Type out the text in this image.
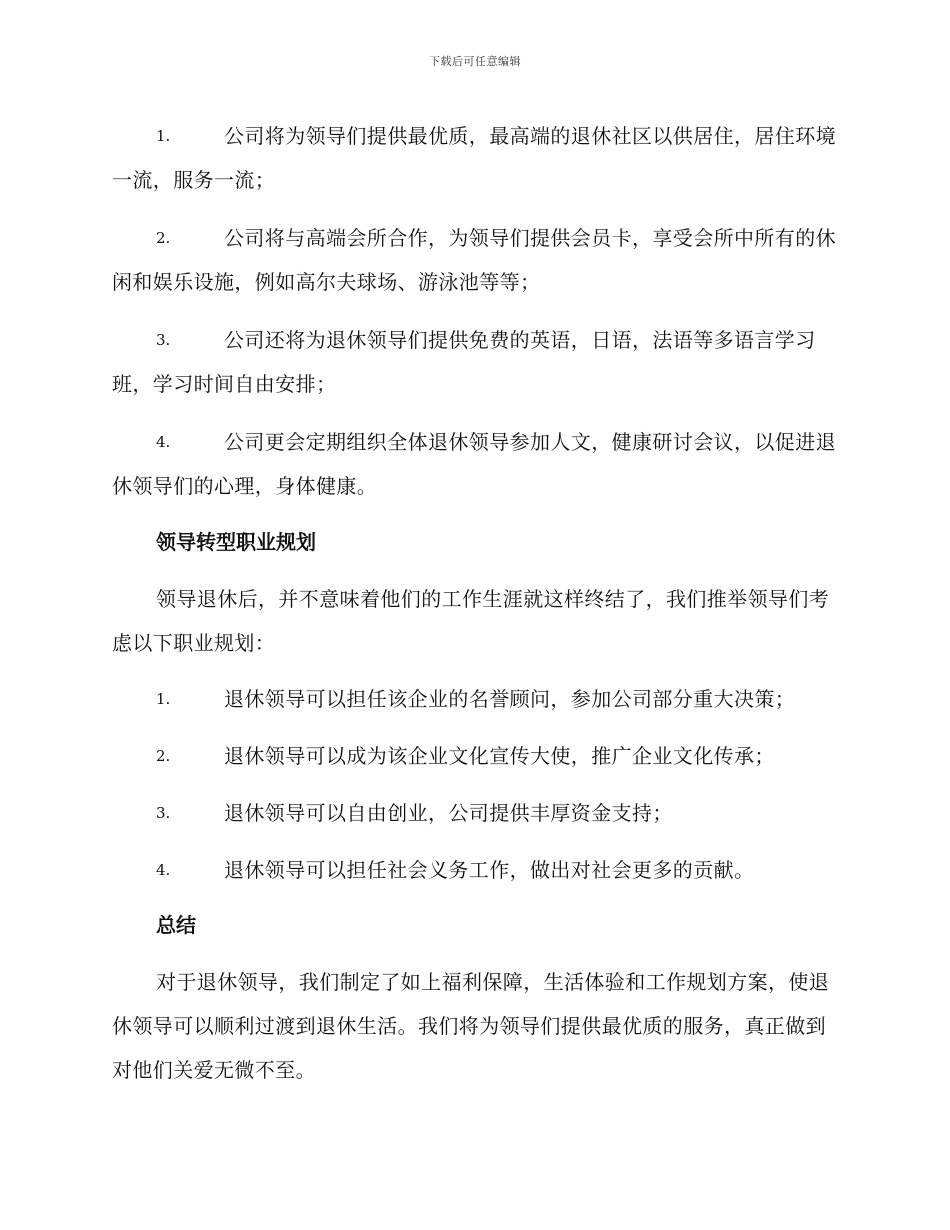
下载后可任意编辑
1.	公司将为领导们提供最优质，最高端的退休社区以供居住，居住环境一流，服务一流；
2.	公司将与高端会所合作，为领导们提供会员卡，享受会所中所有的休闲和娱乐设施，例如高尔夫球场、游泳池等等；
3.	公司还将为退休领导们提供免费的英语，日语，法语等多语言学习班，学习时间自由安排；
4.	公司更会定期组织全体退休领导参加人文，健康研讨会议，以促进退休领导们的心理，身体健康。
领导转型职业规划
领导退休后，并不意味着他们的工作生涯就这样终结了，我们推举领导们考虑以下职业规划：
1.	退休领导可以担任该企业的名誉顾问，参加公司部分重大决策；
2.	退休领导可以成为该企业文化宣传大使，推广企业文化传承；
3.	退休领导可以自由创业，公司提供丰厚资金支持；
4.	退休领导可以担任社会义务工作，做出对社会更多的贡献。
总结
对于退休领导，我们制定了如上福利保障，生活体验和工作规划方案，使退休领导可以顺利过渡到退休生活。我们将为领导们提供最优质的服务，真正做到对他们关爱无微不至。
